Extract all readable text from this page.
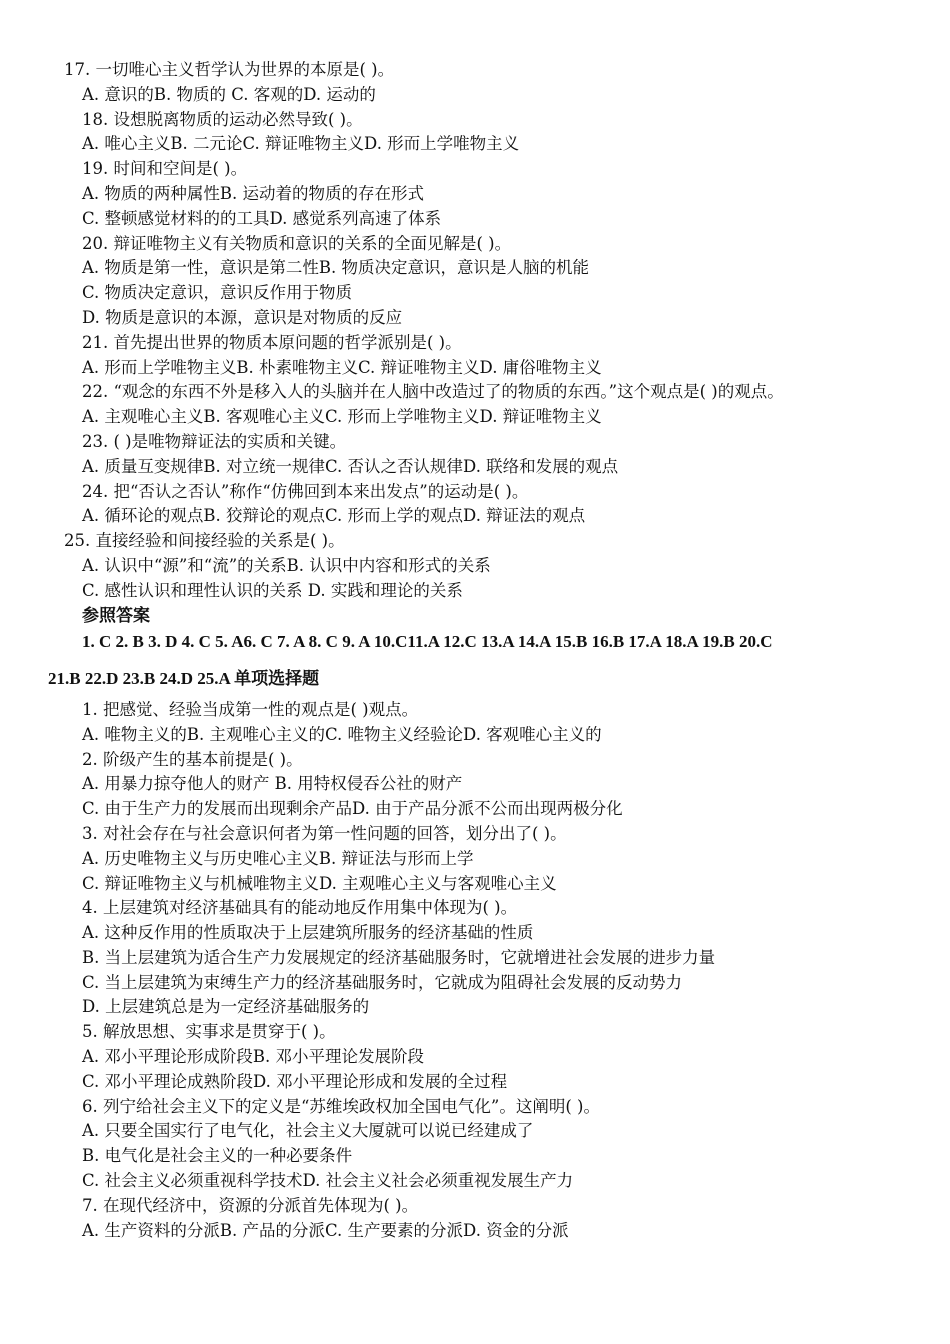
17. 一切唯心主义哲学认为世界的本原是( )。
A. 意识的B. 物质的 C. 客观的D. 运动的
18. 设想脱离物质的运动必然导致( )。
A. 唯心主义B. 二元论C. 辩证唯物主义D. 形而上学唯物主义
19. 时间和空间是( )。
A. 物质的两种属性B. 运动着的物质的存在形式
C. 整顿感觉材料的的工具D. 感觉系列高速了体系
20. 辩证唯物主义有关物质和意识的关系的全面见解是( )。
A. 物质是第一性，意识是第二性B. 物质决定意识，意识是人脑的机能
C. 物质决定意识，意识反作用于物质
D. 物质是意识的本源，意识是对物质的反应
21. 首先提出世界的物质本原问题的哲学派别是( )。
A. 形而上学唯物主义B. 朴素唯物主义C. 辩证唯物主义D. 庸俗唯物主义
22. “观念的东西不外是移入人的头脑并在人脑中改造过了的物质的东西。”这个观点是( )的观点。
A. 主观唯心主义B. 客观唯心主义C. 形而上学唯物主义D. 辩证唯物主义
23. ( )是唯物辩证法的实质和关键。
A. 质量互变规律B. 对立统一规律C. 否认之否认规律D. 联络和发展的观点
24. 把“否认之否认”称作“仿佛回到本来出发点”的运动是( )。
A. 循环论的观点B. 狡辩论的观点C. 形而上学的观点D. 辩证法的观点
25. 直接经验和间接经验的关系是( )。
A. 认识中“源”和“流”的关系B. 认识中内容和形式的关系
C. 感性认识和理性认识的关系 D. 实践和理论的关系
参照答案
1. C 2. B 3. D 4. C 5. A6. C 7. A 8. C 9. A 10.C11.A 12.C 13.A 14.A 15.B 16.B 17.A 18.A 19.B 20.C
21.B 22.D 23.B 24.D 25.A 单项选择题
1. 把感觉、经验当成第一性的观点是( )观点。
A. 唯物主义的B. 主观唯心主义的C. 唯物主义经验论D. 客观唯心主义的
2. 阶级产生的基本前提是( )。
A. 用暴力掠夺他人的财产 B. 用特权侵吞公社的财产
C. 由于生产力的发展而出现剩余产品D. 由于产品分派不公而出现两极分化
3. 对社会存在与社会意识何者为第一性问题的回答，划分出了( )。
A. 历史唯物主义与历史唯心主义B. 辩证法与形而上学
C. 辩证唯物主义与机械唯物主义D. 主观唯心主义与客观唯心主义
4. 上层建筑对经济基础具有的能动地反作用集中体现为( )。
A. 这种反作用的性质取决于上层建筑所服务的经济基础的性质
B. 当上层建筑为适合生产力发展规定的经济基础服务时，它就增进社会发展的进步力量
C. 当上层建筑为束缚生产力的经济基础服务时，它就成为阻碍社会发展的反动势力
D. 上层建筑总是为一定经济基础服务的
5. 解放思想、实事求是贯穿于( )。
A. 邓小平理论形成阶段B. 邓小平理论发展阶段
C. 邓小平理论成熟阶段D. 邓小平理论形成和发展的全过程
6. 列宁给社会主义下的定义是“苏维埃政权加全国电气化”。这阐明( )。
A. 只要全国实行了电气化，社会主义大厦就可以说已经建成了
B. 电气化是社会主义的一种必要条件
C. 社会主义必须重视科学技术D. 社会主义社会必须重视发展生产力
7. 在现代经济中，资源的分派首先体现为( )。
A. 生产资料的分派B. 产品的分派C. 生产要素的分派D. 资金的分派
